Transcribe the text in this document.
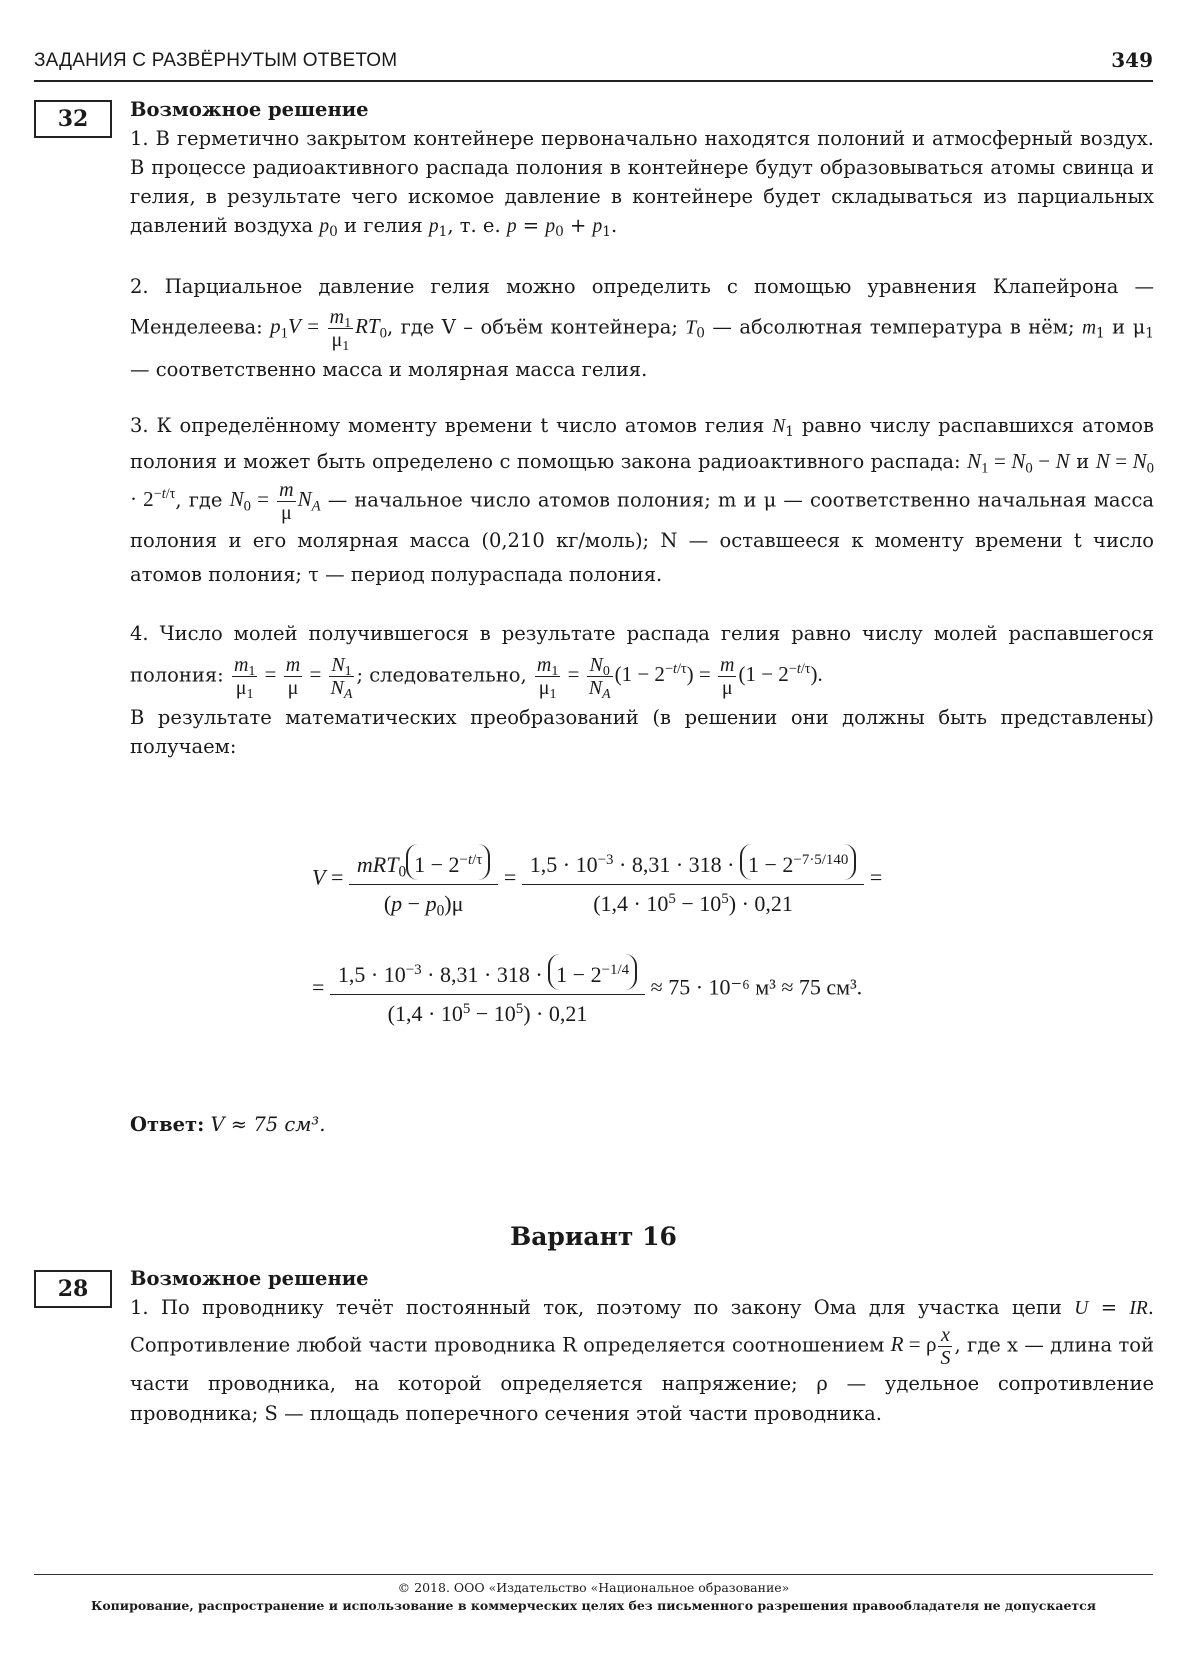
ЗАДАНИЯ С РАЗВЁРНУТЫМ ОТВЕТОМ	349
32	Возможное решение

1. В герметично закрытом контейнере первоначально находятся полоний и атмосферный воздух. В процессе радиоактивного распада полония в контейнере будут образовываться атомы свинца и гелия, в результате чего искомое давление в контейнере будет складываться из парциальных давлений воздуха $p_0$ и гелия $p_1$, т. е. $p = p_0 + p_1$.

2. Парциальное давление гелия можно определить с помощью уравнения Клапейрона — Менделеева: $p_1V = \frac{m_1}{\mu_1} RT_0$, где V – объём контейнера; $T_0$ — абсолютная температура в нём; $m_1$ и $\mu_1$ — соответственно масса и молярная масса гелия.

3. К определённому моменту времени t число атомов гелия $N_1$ равно числу распавшихся атомов полония и может быть определено с помощью закона радиоактивного распада: $N_1 = N_0 - N$ и $N = N_0 \cdot 2^{-t/\tau}$, где $N_0 = \frac{m}{\mu} N_A$ — начальное число атомов полония; m и μ — соответственно начальная масса полония и его молярная масса (0,210 кг/моль); N — оставшееся к моменту времени t число атомов полония; τ — период полураспада полония.

4. Число молей получившегося в результате распада гелия равно числу молей распавшегося полония: $\frac{m_1}{\mu_1} = \frac{m}{\mu} = \frac{N_1}{N_A}$ ; следовательно, $\frac{m_1}{\mu_1} = \frac{N_0}{N_A} (1 - 2^{-t/\tau}) = \frac{m}{\mu} (1 - 2^{-t/\tau})$.

В результате математических преобразований (в решении они должны быть представлены) получаем:

$V = \frac{mRT_0 1 - 2^{-t/\tau}}{(p - p_0)\mu} = \frac{1,5 \cdot 10^{-3} \cdot 8,31 \cdot 318 \cdot 1 - 2^{-7\cdot 5/140}}{(1,4 \cdot 10^5 - 10^5) \cdot 0,21}$ =
= $\frac{1,5 \cdot 10^{-3} \cdot 8,31 \cdot 318 \cdot 1 - 2^{-1/4}}{(1,4 \cdot 10^5 - 10^5) \cdot 0,21} \approx 75 \cdot 10^{-6}$ м³ ≈ 75 см³.
Ответ: V ≈ 75 см³.
Вариант 16
28	Возможное решение

1. По проводнику течёт постоянный ток, поэтому по закону Ома для участка цепи U = IR. Сопротивление любой части проводника R определяется соотношением R = ρ $\frac{x}{S}$ , где x — длина той части проводника, на которой определяется напряжение; ρ — удельное сопротивление проводника; S — площадь поперечного сечения этой части проводника.

© 2018. ООО «Издательство «Национальное образование»
Копирование, распространение и использование в коммерческих целях без письменного разрешения правообладателя не допускается
